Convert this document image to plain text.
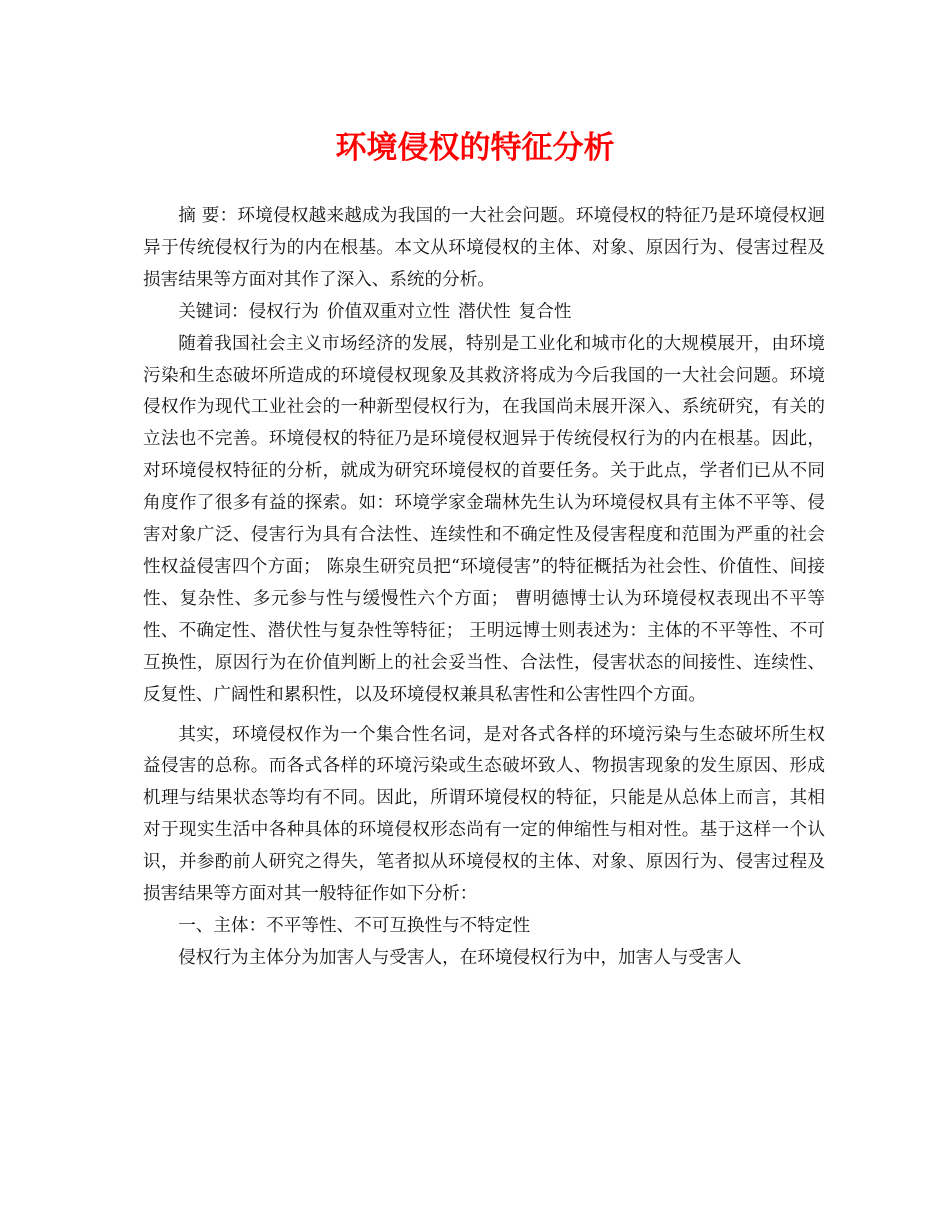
环境侵权的特征分析

摘 要：环境侵权越来越成为我国的一大社会问题。环境侵权的特征乃是环境侵权迥异于传统侵权行为的内在根基。本文从环境侵权的主体、对象、原因行为、侵害过程及损害结果等方面对其作了深入、系统的分析。

关键词：侵权行为 价值双重对立性 潜伏性 复合性

随着我国社会主义市场经济的发展，特别是工业化和城市化的大规模展开，由环境污染和生态破坏所造成的环境侵权现象及其救济将成为今后我国的一大社会问题。环境侵权作为现代工业社会的一种新型侵权行为，在我国尚未展开深入、系统研究，有关的立法也不完善。环境侵权的特征乃是环境侵权迥异于传统侵权行为的内在根基。因此，对环境侵权特征的分析，就成为研究环境侵权的首要任务。关于此点，学者们已从不同角度作了很多有益的探索。如：环境学家金瑞林先生认为环境侵权具有主体不平等、侵害对象广泛、侵害行为具有合法性、连续性和不确定性及侵害程度和范围为严重的社会性权益侵害四个方面； 陈泉生研究员把“环境侵害”的特征概括为社会性、价值性、间接性、复杂性、多元参与性与缓慢性六个方面； 曹明德博士认为环境侵权表现出不平等性、不确定性、潜伏性与复杂性等特征； 王明远博士则表述为：主体的不平等性、不可互换性，原因行为在价值判断上的社会妥当性、合法性，侵害状态的间接性、连续性、反复性、广阔性和累积性，以及环境侵权兼具私害性和公害性四个方面。

其实，环境侵权作为一个集合性名词，是对各式各样的环境污染与生态破坏所生权益侵害的总称。而各式各样的环境污染或生态破坏致人、物损害现象的发生原因、形成机理与结果状态等均有不同。因此，所谓环境侵权的特征，只能是从总体上而言，其相对于现实生活中各种具体的环境侵权形态尚有一定的伸缩性与相对性。基于这样一个认识，并参酌前人研究之得失，笔者拟从环境侵权的主体、对象、原因行为、侵害过程及损害结果等方面对其一般特征作如下分析：

一、主体：不平等性、不可互换性与不特定性

侵权行为主体分为加害人与受害人，在环境侵权行为中，加害人与受害人
